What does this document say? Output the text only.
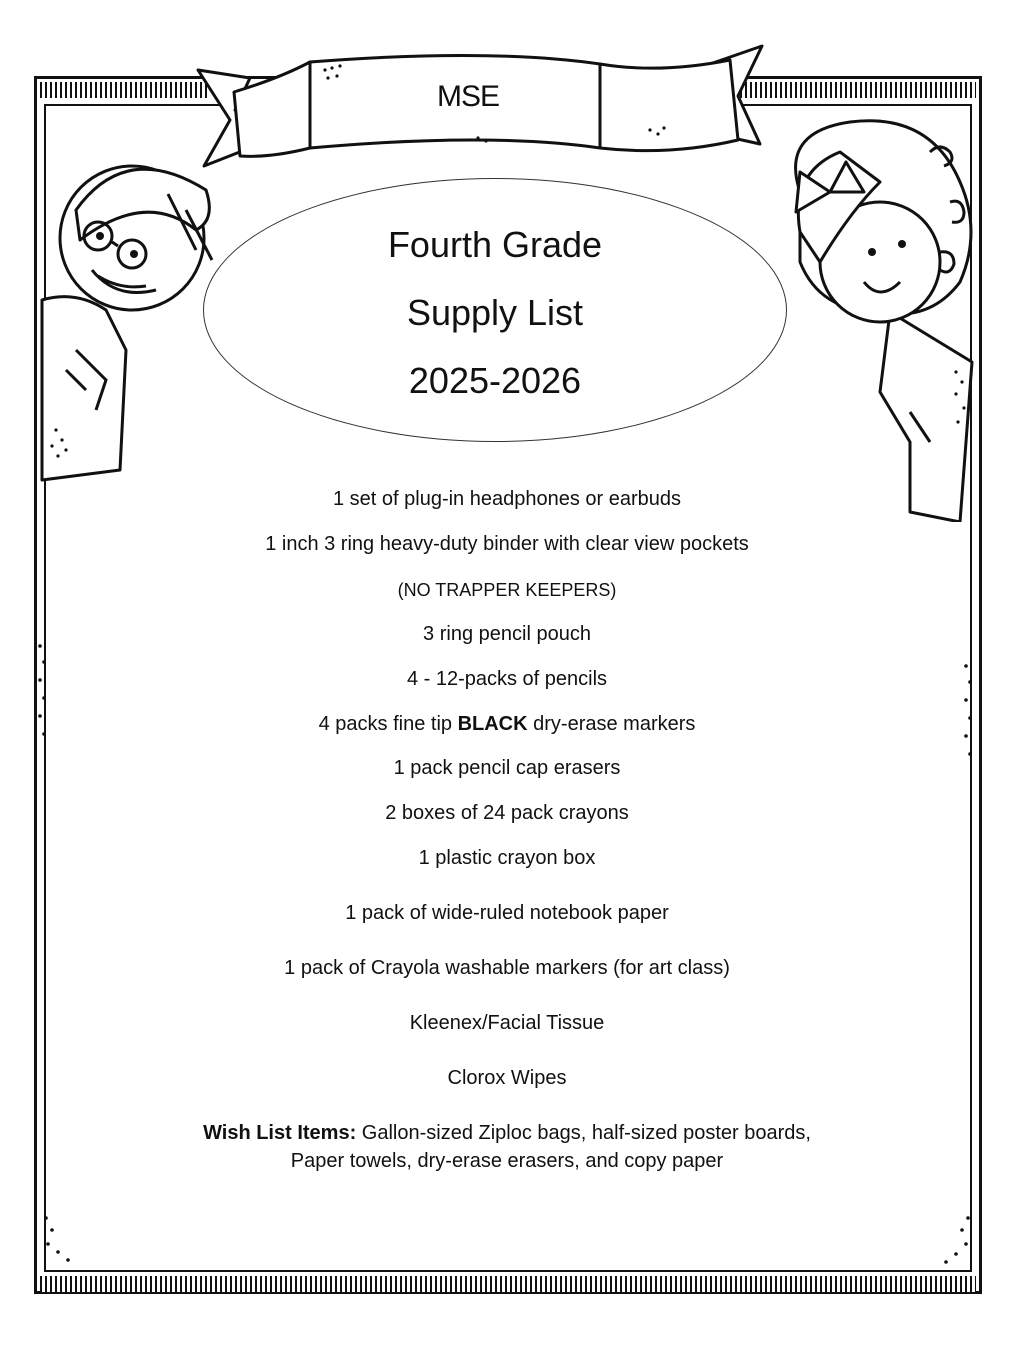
MSE
Fourth Grade
Supply List
2025-2026
1 set of plug-in headphones or earbuds
1 inch 3 ring heavy-duty binder with clear view pockets
(NO TRAPPER KEEPERS)
3 ring pencil pouch
4 - 12-packs of pencils
4 packs fine tip BLACK dry-erase markers
1 pack pencil cap erasers
2 boxes of 24 pack crayons
1 plastic crayon box
1 pack of wide-ruled notebook paper
1 pack of Crayola washable markers (for art class)
Kleenex/Facial Tissue
Clorox Wipes
Wish List Items: Gallon-sized Ziploc bags, half-sized poster boards,
Paper towels, dry-erase erasers, and copy paper
